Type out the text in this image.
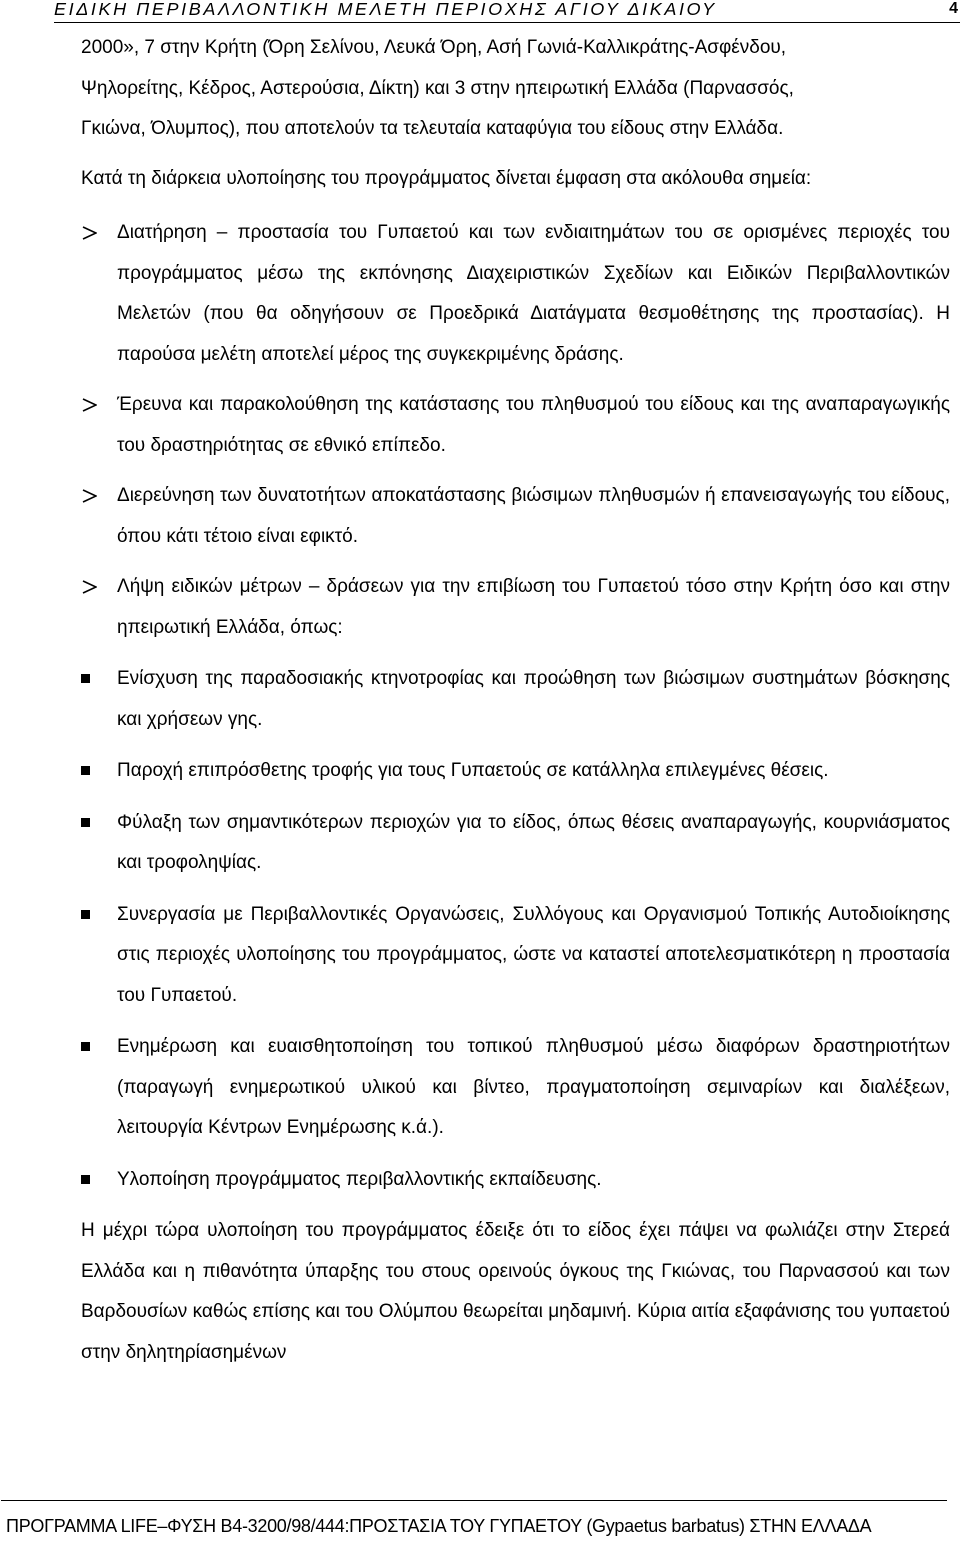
ΕΙΔΙΚΗ ΠΕΡΙΒΑΛΛΟΝΤΙΚΗ ΜΕΛΕΤΗ ΠΕΡΙΟΧΗΣ ΑΓΙΟΥ ΔΙΚΑΙΟΥ	4

2000», 7 στην Κρήτη (Όρη Σελίνου, Λευκά Όρη, Ασή Γωνιά-Καλλικράτης-Ασφένδου,

Ψηλορείτης, Κέδρος, Αστερούσια, Δίκτη) και 3 στην ηπειρωτική Ελλάδα (Παρνασσός,

Γκιώνα, Όλυμπος), που αποτελούν τα τελευταία καταφύγια του είδους στην Ελλάδα.

Κατά τη διάρκεια υλοποίησης του προγράμματος δίνεται έμφαση στα ακόλουθα σημεία:

Διατήρηση – προστασία του Γυπαετού και των ενδιαιτημάτων του σε ορισμένες περιοχές του προγράμματος μέσω της εκπόνησης Διαχειριστικών Σχεδίων και Ειδικών Περιβαλλοντικών Μελετών (που θα οδηγήσουν σε Προεδρικά Διατάγματα θεσμοθέτησης της προστασίας). Η παρούσα μελέτη αποτελεί μέρος της συγκεκριμένης δράσης.
Έρευνα και παρακολούθηση της κατάστασης του πληθυσμού του είδους και της αναπαραγωγικής του δραστηριότητας σε εθνικό επίπεδο.
Διερεύνηση των δυνατοτήτων αποκατάστασης βιώσιμων πληθυσμών ή επανεισαγωγής του είδους, όπου κάτι τέτοιο είναι εφικτό.
Λήψη ειδικών μέτρων – δράσεων για την επιβίωση του Γυπαετού τόσο στην Κρήτη όσο και στην ηπειρωτική Ελλάδα, όπως:
Ενίσχυση της παραδοσιακής κτηνοτροφίας και προώθηση των βιώσιμων συστημάτων βόσκησης και χρήσεων γης.
Παροχή επιπρόσθετης τροφής για τους Γυπαετούς σε κατάλληλα επιλεγμένες θέσεις.
Φύλαξη των σημαντικότερων περιοχών για το είδος, όπως θέσεις αναπαραγωγής, κουρνιάσματος και τροφοληψίας.
Συνεργασία με Περιβαλλοντικές Οργανώσεις, Συλλόγους και Οργανισμού Τοπικής Αυτοδιοίκησης στις περιοχές υλοποίησης του προγράμματος, ώστε να καταστεί αποτελεσματικότερη η προστασία του Γυπαετού.
Ενημέρωση και ευαισθητοποίηση του τοπικού πληθυσμού μέσω διαφόρων δραστηριοτήτων (παραγωγή ενημερωτικού υλικού και βίντεο, πραγματοποίηση σεμιναρίων και διαλέξεων, λειτουργία Κέντρων Ενημέρωσης κ.ά.).
Υλοποίηση προγράμματος περιβαλλοντικής εκπαίδευσης.

Η μέχρι τώρα υλοποίηση του προγράμματος έδειξε ότι το είδος έχει πάψει να φωλιάζει στην Στερεά Ελλάδα και η πιθανότητα ύπαρξης του στους ορεινούς όγκους της Γκιώνας, του Παρνασσού και των Βαρδουσίων καθώς επίσης και του Ολύμπου θεωρείται μηδαμινή. Κύρια αιτία εξαφάνισης του γυπαετού στην δηλητηρίασημένων

ΠΡΟΓΡΑΜΜΑ LIFE–ΦΥΣΗ Β4-3200/98/444:ΠΡΟΣΤΑΣΙΑ ΤΟΥ ΓΥΠΑΕΤΟΥ (Gypaetus barbatus) ΣΤΗΝ ΕΛΛΑΔΑ
